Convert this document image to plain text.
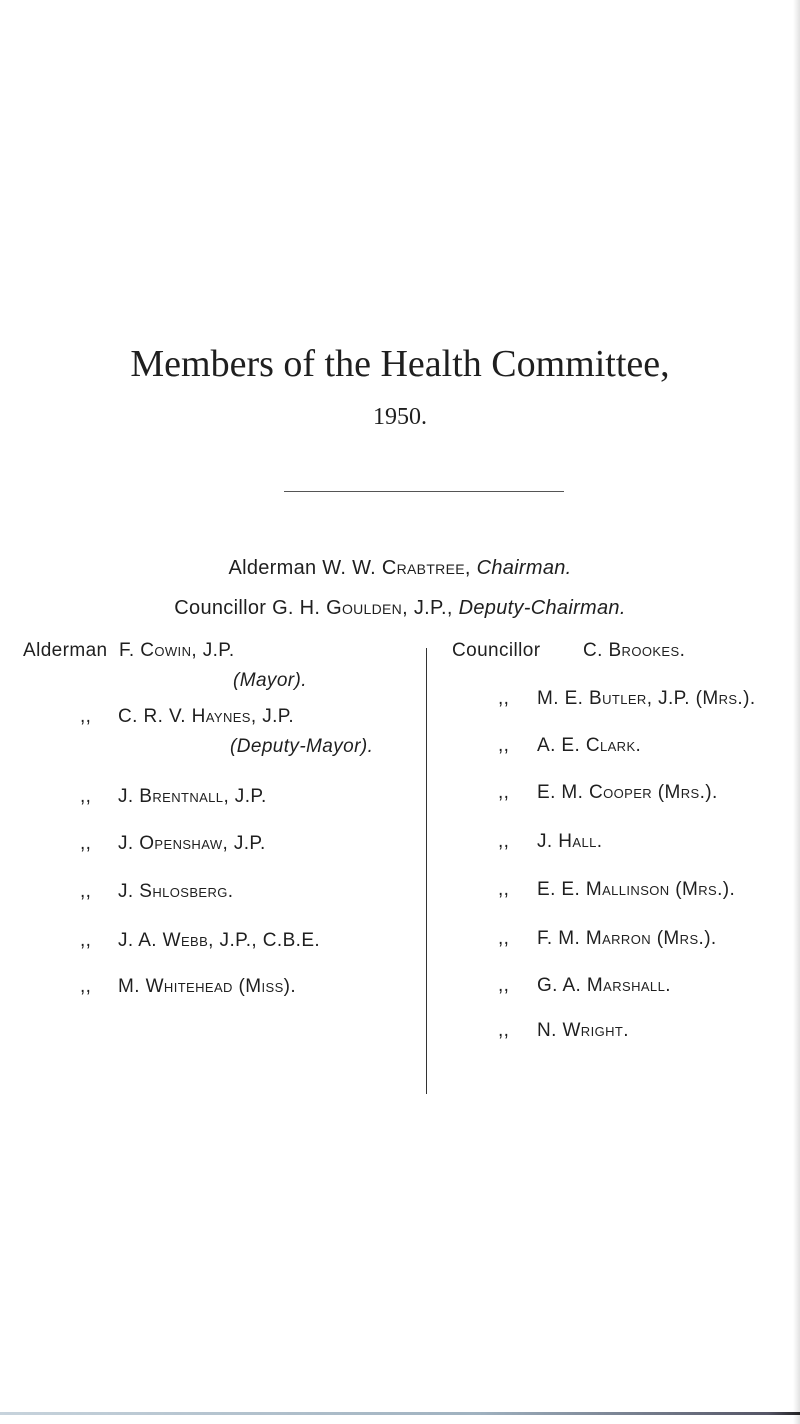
Members of the Health Committee,
1950.
Alderman W. W. Crabtree, Chairman.
Councillor G. H. Goulden, J.P., Deputy-Chairman.
Alderman F. Cowin, J.P.
(Mayor).
,, C. R. V. Haynes, J.P.
(Deputy-Mayor).
,, J. Brentnall, J.P.
,, J. Openshaw, J.P.
,, J. Shlosberg.
,, J. A. Webb, J.P., C.B.E.
,, M. Whitehead (Miss).
Councillor C. Brookes.
,, M. E. Butler, J.P. (Mrs.).
,, A. E. Clark.
,, E. M. Cooper (Mrs.).
,, J. Hall.
,, E. E. Mallinson (Mrs.).
,, F. M. Marron (Mrs.).
,, G. A. Marshall.
,, N. Wright.
